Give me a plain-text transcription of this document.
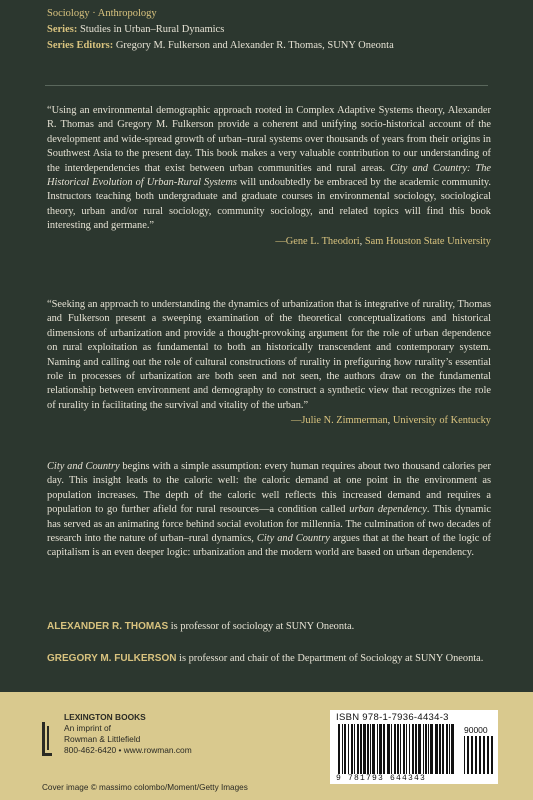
Sociology · Anthropology
Series: Studies in Urban–Rural Dynamics
Series Editors: Gregory M. Fulkerson and Alexander R. Thomas, SUNY Oneonta
“Using an environmental demographic approach rooted in Complex Adaptive Systems theory, Alexander R. Thomas and Gregory M. Fulkerson provide a coherent and unifying socio-historical account of the development and wide-spread growth of urban–rural systems over thousands of years from their origins in Southwest Asia to the present day. This book makes a very valuable contribution to our understanding of the interdependencies that exist between urban communities and rural areas. City and Country: The Historical Evolution of Urban-Rural Systems will undoubtedly be embraced by the academic community. Instructors teaching both undergraduate and graduate courses in environmental sociology, sociological theory, urban and/or rural sociology, community sociology, and related topics will find this book interesting and germane.”
—Gene L. Theodori, Sam Houston State University
“Seeking an approach to understanding the dynamics of urbanization that is integrative of rurality, Thomas and Fulkerson present a sweeping examination of the theoretical conceptualizations and historical dimensions of urbanization and provide a thought-provoking argument for the role of urban dependence on rural exploitation as fundamental to both an historically transcendent and contemporary system. Naming and calling out the role of cultural constructions of rurality in prefiguring how rurality’s essential role in processes of urbanization are both seen and not seen, the authors draw on the fundamental relationship between environment and demography to construct a synthetic view that recognizes the role of rurality in facilitating the survival and vitality of the urban.”
—Julie N. Zimmerman, University of Kentucky
City and Country begins with a simple assumption: every human requires about two thousand calories per day. This insight leads to the caloric well: the caloric demand at one point in the environment as population increases. The depth of the caloric well reflects this increased demand and requires a population to go further afield for rural resources—a condition called urban dependency. This dynamic has served as an animating force behind social evolution for millennia. The culmination of two decades of research into the nature of urban–rural dynamics, City and Country argues that at the heart of the logic of capitalism is an even deeper logic: urbanization and the modern world are based on urban dependency.
ALEXANDER R. THOMAS is professor of sociology at SUNY Oneonta.
GREGORY M. FULKERSON is professor and chair of the Department of Sociology at SUNY Oneonta.
LEXINGTON BOOKS
An imprint of
Rowman & Littlefield
800-462-6420 • www.rowman.com
Cover image © massimo colombo/Moment/Getty Images
ISBN 978-1-7936-4434-3
90000
9 781793 644343
